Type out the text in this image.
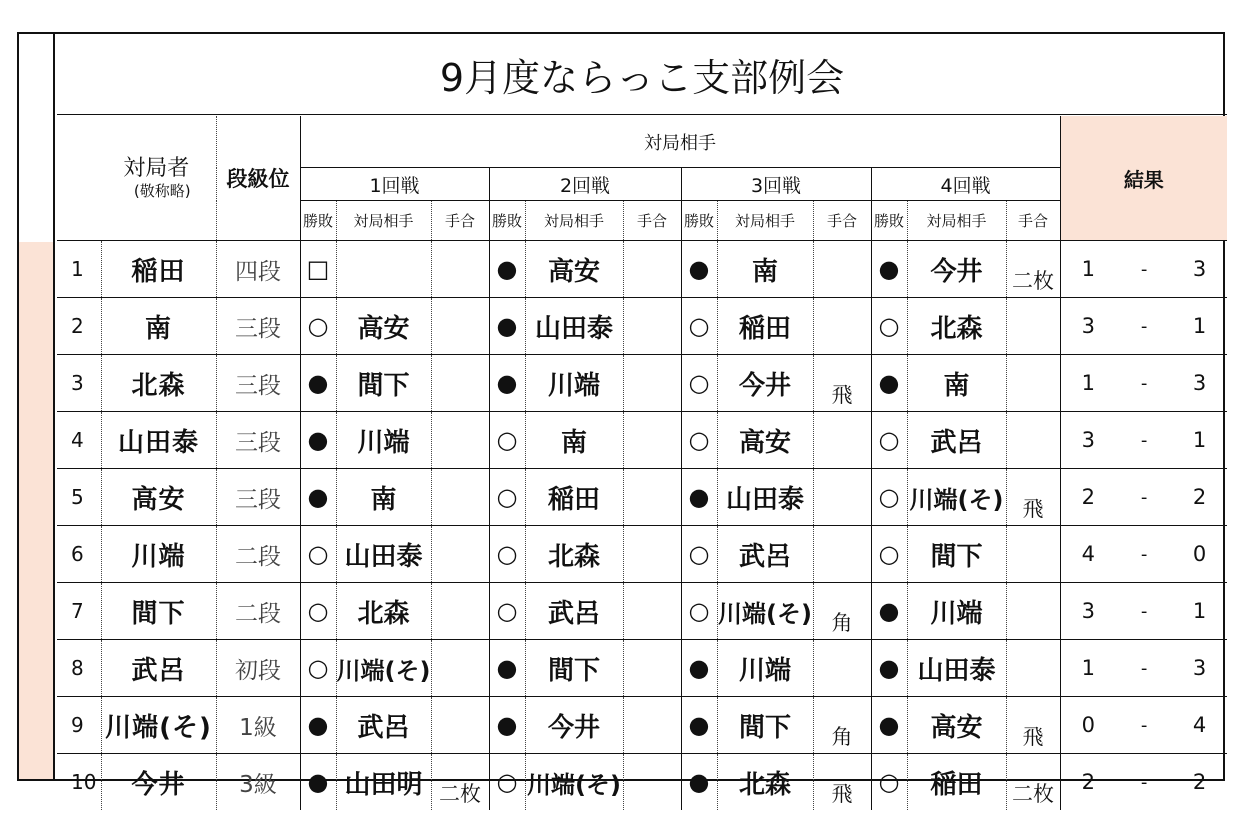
9月度ならっこ支部例会
対局者
(敬称略)		段級位	対局相手												結果		
			1回戦			2回戦			3回戦			4回戦					
			勝敗	対局相手	手合	勝敗	対局相手	手合	勝敗	対局相手	手合	勝敗	対局相手	手合			
1	稲田	四段	□			●	高安		●	南		●	今井	二枚	1	-	3
2	南	三段	○	高安		●	山田泰		○	稲田		○	北森		3	-	1
3	北森	三段	●	間下		●	川端		○	今井	飛	●	南		1	-	3
4	山田泰	三段	●	川端		○	南		○	高安		○	武呂		3	-	1
5	高安	三段	●	南		○	稲田		●	山田泰		○	川端(そ)	飛	2	-	2
6	川端	二段	○	山田泰		○	北森		○	武呂		○	間下		4	-	0
7	間下	二段	○	北森		○	武呂		○	川端(そ)	角	●	川端		3	-	1
8	武呂	初段	○	川端(そ)		●	間下		●	川端		●	山田泰		1	-	3
9	川端(そ)	1級	●	武呂		●	今井		●	間下	角	●	高安	飛	0	-	4
10	今井	3級	●	山田明	二枚	○	川端(そ)		●	北森	飛	○	稲田	二枚	2	-	2
